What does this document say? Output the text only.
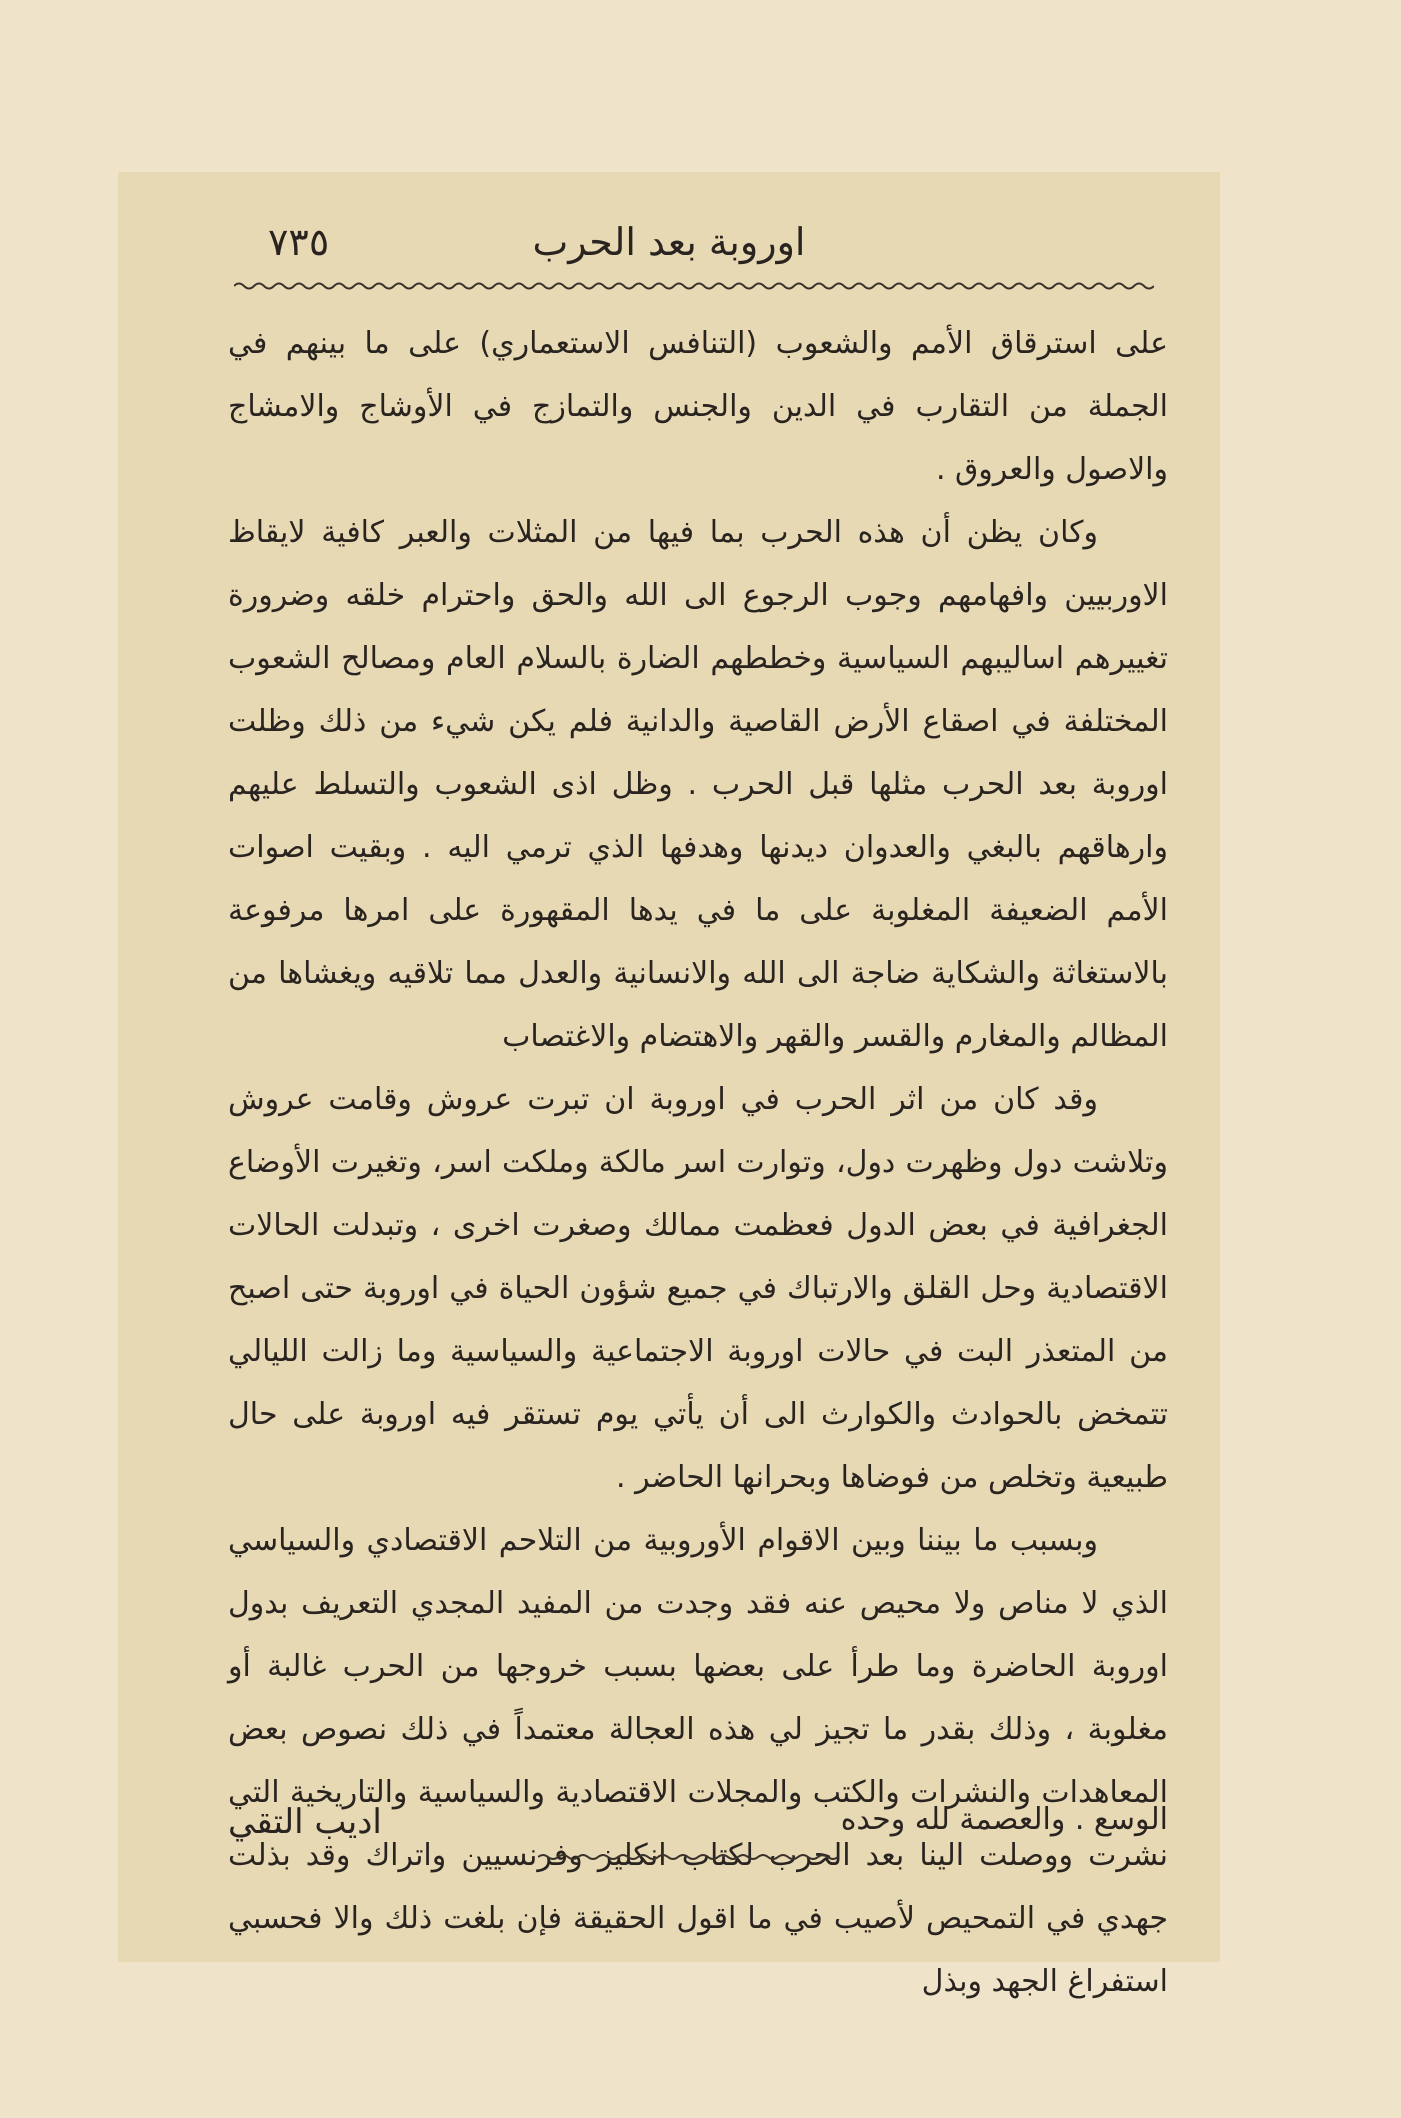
اوروبة بعد الحرب
٧٣٥

على استرقاق الأمم والشعوب (التنافس الاستعماري) على ما بينهم في الجملة من التقارب في الدين والجنس والتمازج في الأوشاج والامشاج والاصول والعروق .

وكان يظن أن هذه الحرب بما فيها من المثلات والعبر كافية لايقاظ الاوربيين وافهامهم وجوب الرجوع الى الله والحق واحترام خلقه وضرورة تغييرهم اساليبهم السياسية وخططهم الضارة بالسلام العام ومصالح الشعوب المختلفة في اصقاع الأرض القاصية والدانية فلم يكن شيء من ذلك وظلت اوروبة بعد الحرب مثلها قبل الحرب . وظل اذى الشعوب والتسلط عليهم وارهاقهم بالبغي والعدوان ديدنها وهدفها الذي ترمي اليه . وبقيت اصوات الأمم الضعيفة المغلوبة على ما في يدها المقهورة على امرها مرفوعة بالاستغاثة والشكاية ضاجة الى الله والانسانية والعدل مما تلاقيه ويغشاها من المظالم والمغارم والقسر والقهر والاهتضام والاغتصاب

وقد كان من اثر الحرب في اوروبة ان تبرت عروش وقامت عروش وتلاشت دول وظهرت دول، وتوارت اسر مالكة وملكت اسر، وتغيرت الأوضاع الجغرافية في بعض الدول فعظمت ممالك وصغرت اخرى ، وتبدلت الحالات الاقتصادية وحل القلق والارتباك في جميع شؤون الحياة في اوروبة حتى اصبح من المتعذر البت في حالات اوروبة الاجتماعية والسياسية وما زالت الليالي تتمخض بالحوادث والكوارث الى أن يأتي يوم تستقر فيه اوروبة على حال طبيعية وتخلص من فوضاها وبحرانها الحاضر .

وبسبب ما بيننا وبين الاقوام الأوروبية من التلاحم الاقتصادي والسياسي الذي لا مناص ولا محيص عنه فقد وجدت من المفيد المجدي التعريف بدول اوروبة الحاضرة وما طرأ على بعضها بسبب خروجها من الحرب غالبة أو مغلوبة ، وذلك بقدر ما تجيز لي هذه العجالة معتمداً في ذلك نصوص بعض المعاهدات والنشرات والكتب والمجلات الاقتصادية والسياسية والتاريخية التي نشرت ووصلت الينا بعد الحرب لكتاب انكليز وفرنسيين واتراك وقد بذلت جهدي في التمحيص لأصيب في ما اقول الحقيقة فإن بلغت ذلك والا فحسبي استفراغ الجهد وبذل

الوسع . والعصمة لله وحده
اديب التقي
